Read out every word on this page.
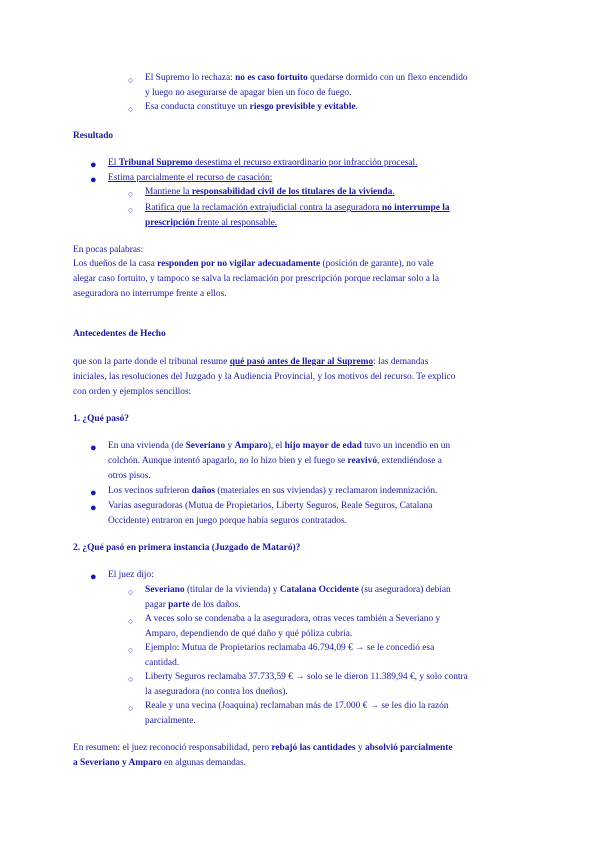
○ El Supremo lo rechaza: no es caso fortuito quedarse dormido con un flexo encendido
y luego no asegurarse de apagar bien un foco de fuego.
○ Esa conducta constituye un riesgo previsible y evitable.
Resultado
● El Tribunal Supremo desestima el recurso extraordinario por infracción procesal.
● Estima parcialmente el recurso de casación:
○ Mantiene la responsabilidad civil de los titulares de la vivienda.
○ Ratifica que la reclamación extrajudicial contra la aseguradora no interrumpe la
prescripción frente al responsable.
En pocas palabras:
Los dueños de la casa responden por no vigilar adecuadamente (posición de garante), no vale
alegar caso fortuito, y tampoco se salva la reclamación por prescripción porque reclamar solo a la
aseguradora no interrumpe frente a ellos.
Antecedentes de Hecho
que son la parte donde el tribunal resume qué pasó antes de llegar al Supremo: las demandas
iniciales, las resoluciones del Juzgado y la Audiencia Provincial, y los motivos del recurso. Te explico
con orden y ejemplos sencillos:
1. ¿Qué pasó?
● En una vivienda (de Severiano y Amparo), el hijo mayor de edad tuvo un incendio en un
colchón. Aunque intentó apagarlo, no lo hizo bien y el fuego se reavivó, extendiéndose a
otros pisos.
● Los vecinos sufrieron daños (materiales en sus viviendas) y reclamaron indemnización.
● Varias aseguradoras (Mutua de Propietarios, Liberty Seguros, Reale Seguros, Catalana
Occidente) entraron en juego porque había seguros contratados.
2. ¿Qué pasó en primera instancia (Juzgado de Mataró)?
● El juez dijo:
○ Severiano (titular de la vivienda) y Catalana Occidente (su aseguradora) debían
pagar parte de los daños.
○ A veces solo se condenaba a la aseguradora, otras veces también a Severiano y
Amparo, dependiendo de qué daño y qué póliza cubría.
○ Ejemplo: Mutua de Propietarios reclamaba 46.794,09 € → se le concedió esa
cantidad.
○ Liberty Seguros reclamaba 37.733,59 € → solo se le dieron 11.389,94 €, y solo contra
la aseguradora (no contra los dueños).
○ Reale y una vecina (Joaquina) reclamaban más de 17.000 € → se les dio la razón
parcialmente.
En resumen: el juez reconoció responsabilidad, pero rebajó las cantidades y absolvió parcialmente
a Severiano y Amparo en algunas demandas.
